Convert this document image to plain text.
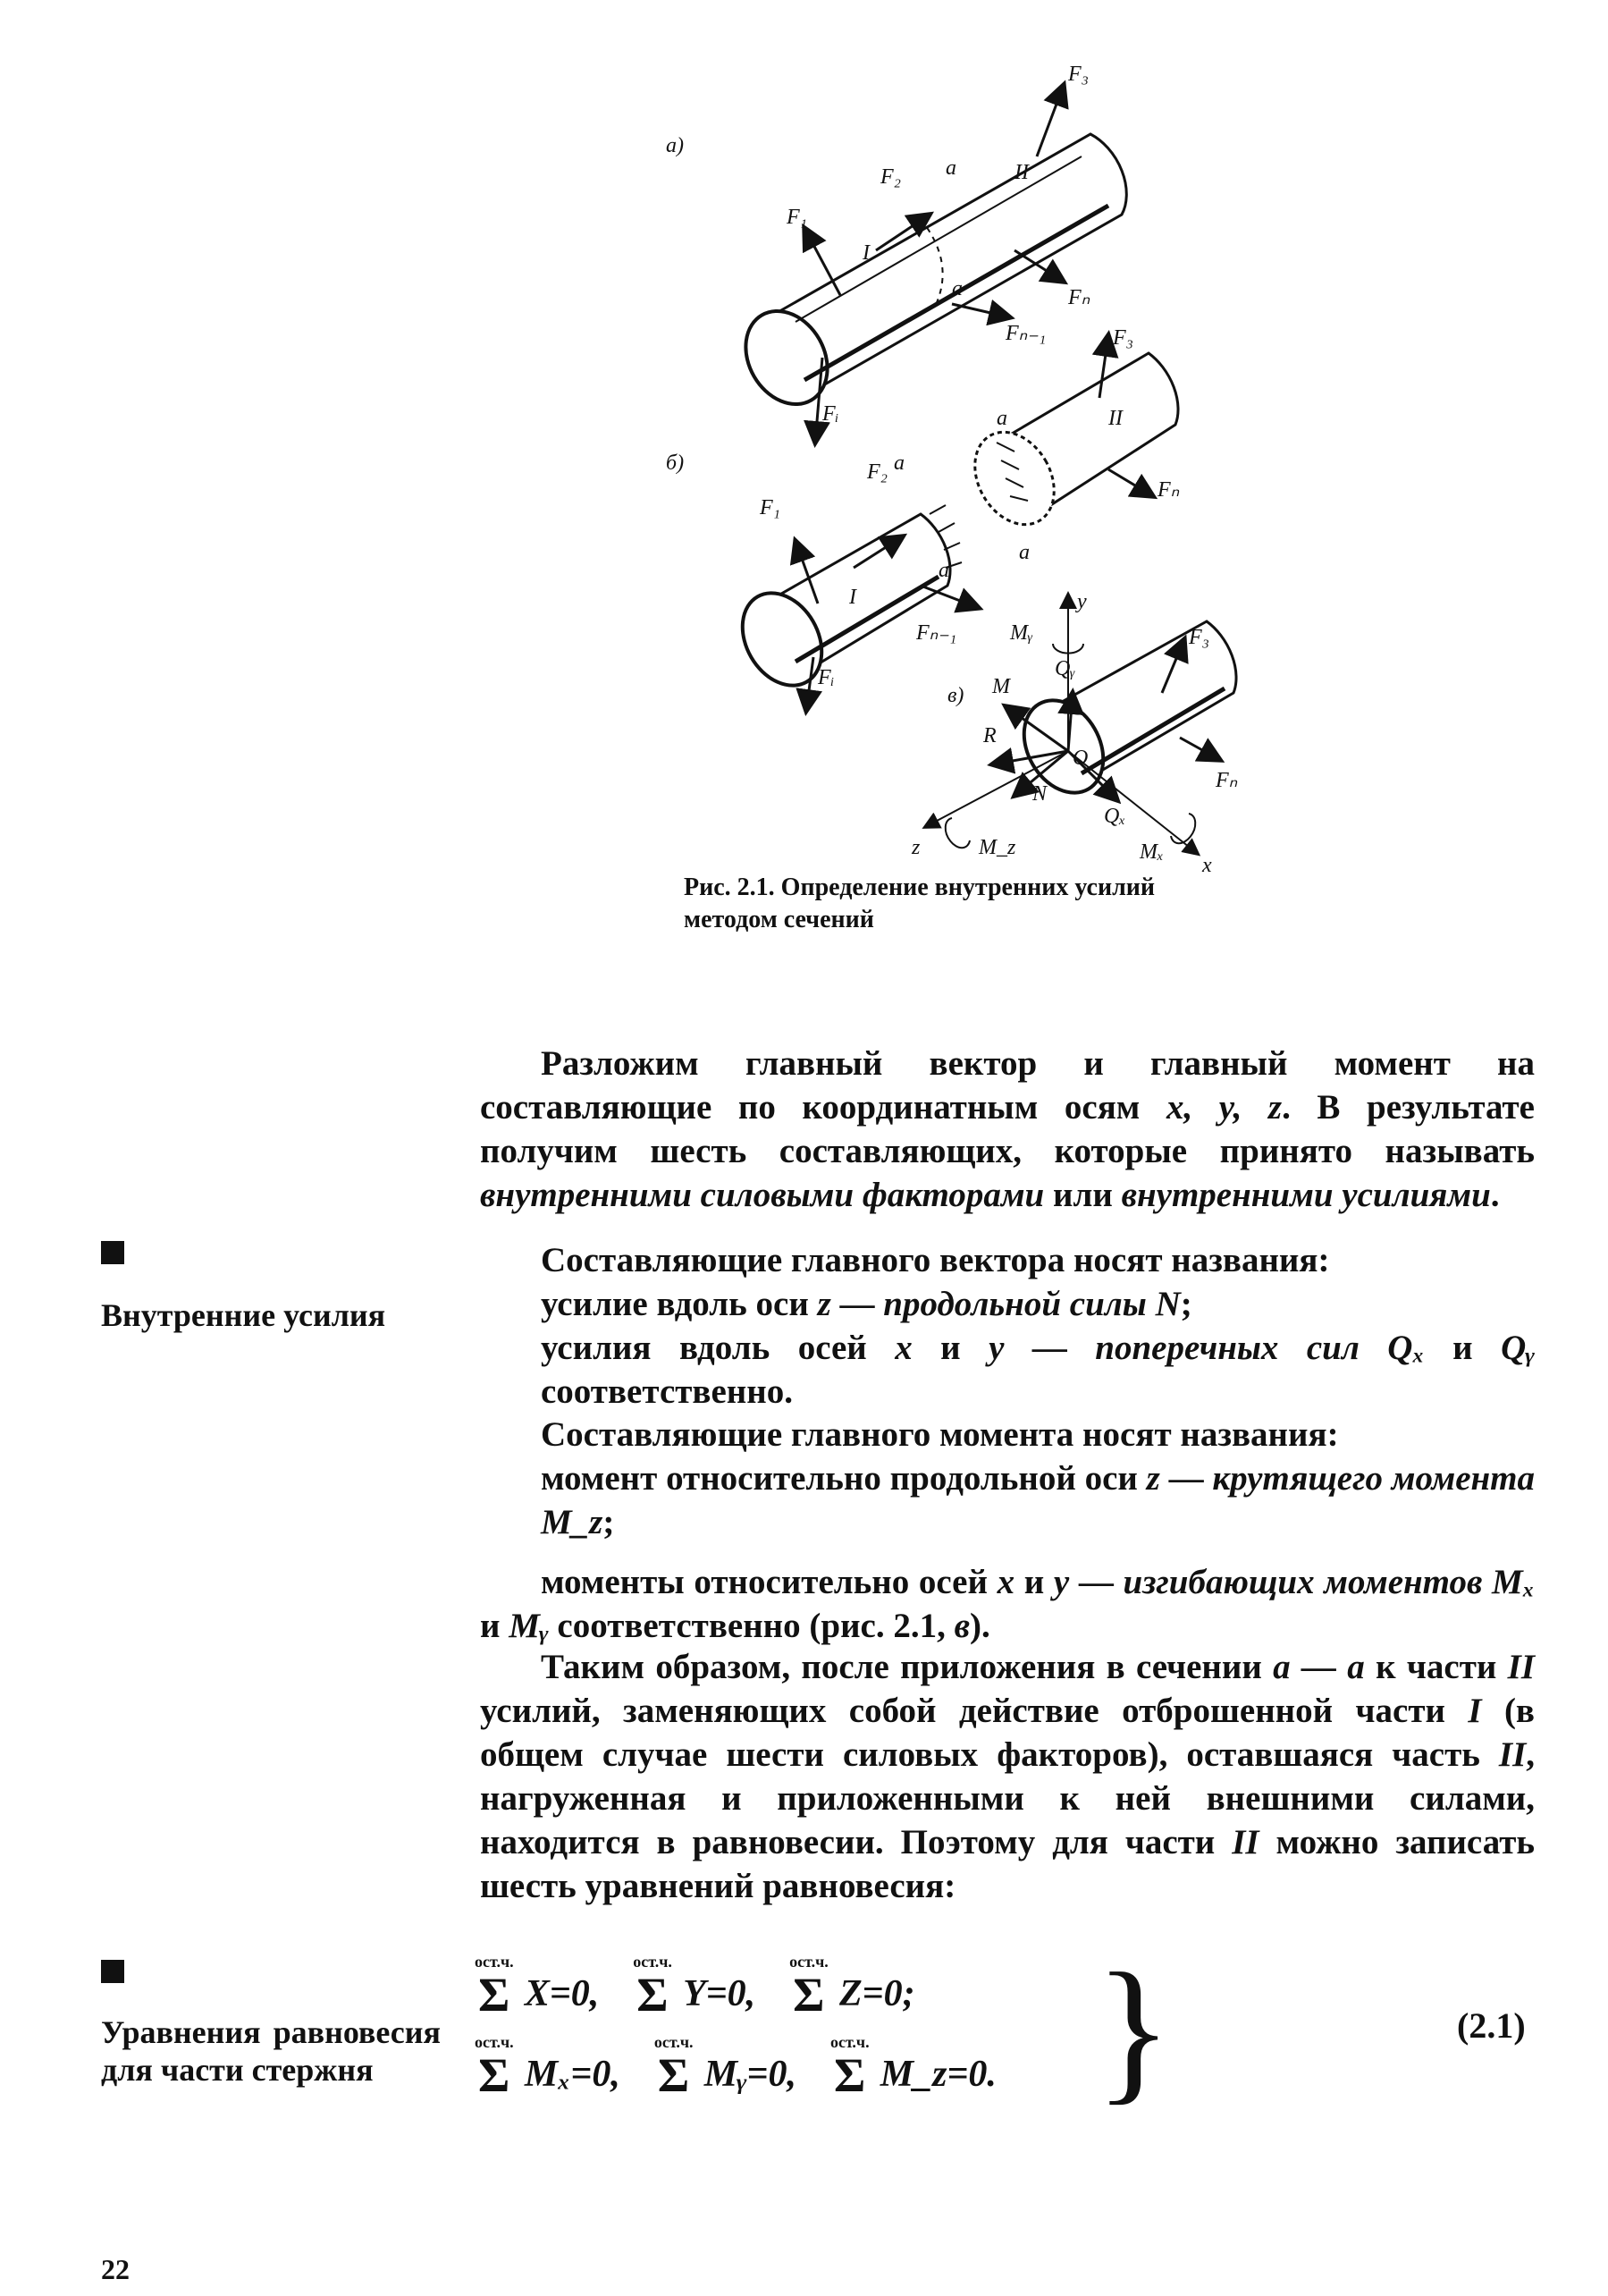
а)
F₁
F₂
F₃
Fₙ
Fₙ₋₁
Fᵢ
a
a
I
II
б)
F₁
F₂
F₃
Fₙ
Fₙ₋₁
Fᵢ
a
a
a
a
I
II
в)
y
z
x
O
Mᵧ
Qᵧ
M
R
N
Qₓ
M_z	Mₓ
F₃
Fₙ
Рис. 2.1. Определение внутренних усилий
методом сечений

Разложим главный вектор и главный момент на составляющие по координатным осям x, y, z. В результате получим шесть составляющих, которые принято называть внутренними силовыми факторами или внутренними усилиями.

Внутренние усилия

Составляющие главного вектора носят названия:

усилие вдоль оси z — продольной силы N;

усилия вдоль осей x и y — поперечных сил Qₓ и Qᵧ соответственно.

Составляющие главного момента носят названия:

момент относительно продольной оси z — крутящего момента M_z;

моменты относительно осей x и y — изгибающих моментов Mₓ и Mᵧ соответственно (рис. 2.1, в).

Таким образом, после приложения в сечении a — a к части II усилий, заменяющих собой действие отброшенной части I (в общем случае шести силовых факторов), оставшаяся часть II, нагруженная и приложенными к ней внешними силами, находится в равновесии. Поэтому для части II можно записать шесть уравнений равновесия:

Уравнения равновесия для части стержня
ост.ч.
Σ X=0,
ост.ч.
Σ Y=0,
ост.ч.
Σ Z=0;
ост.ч.
Σ Mₓ=0,
ост.ч.
Σ Mᵧ=0,
ост.ч.
Σ M_z=0. }	(2.1)
22
